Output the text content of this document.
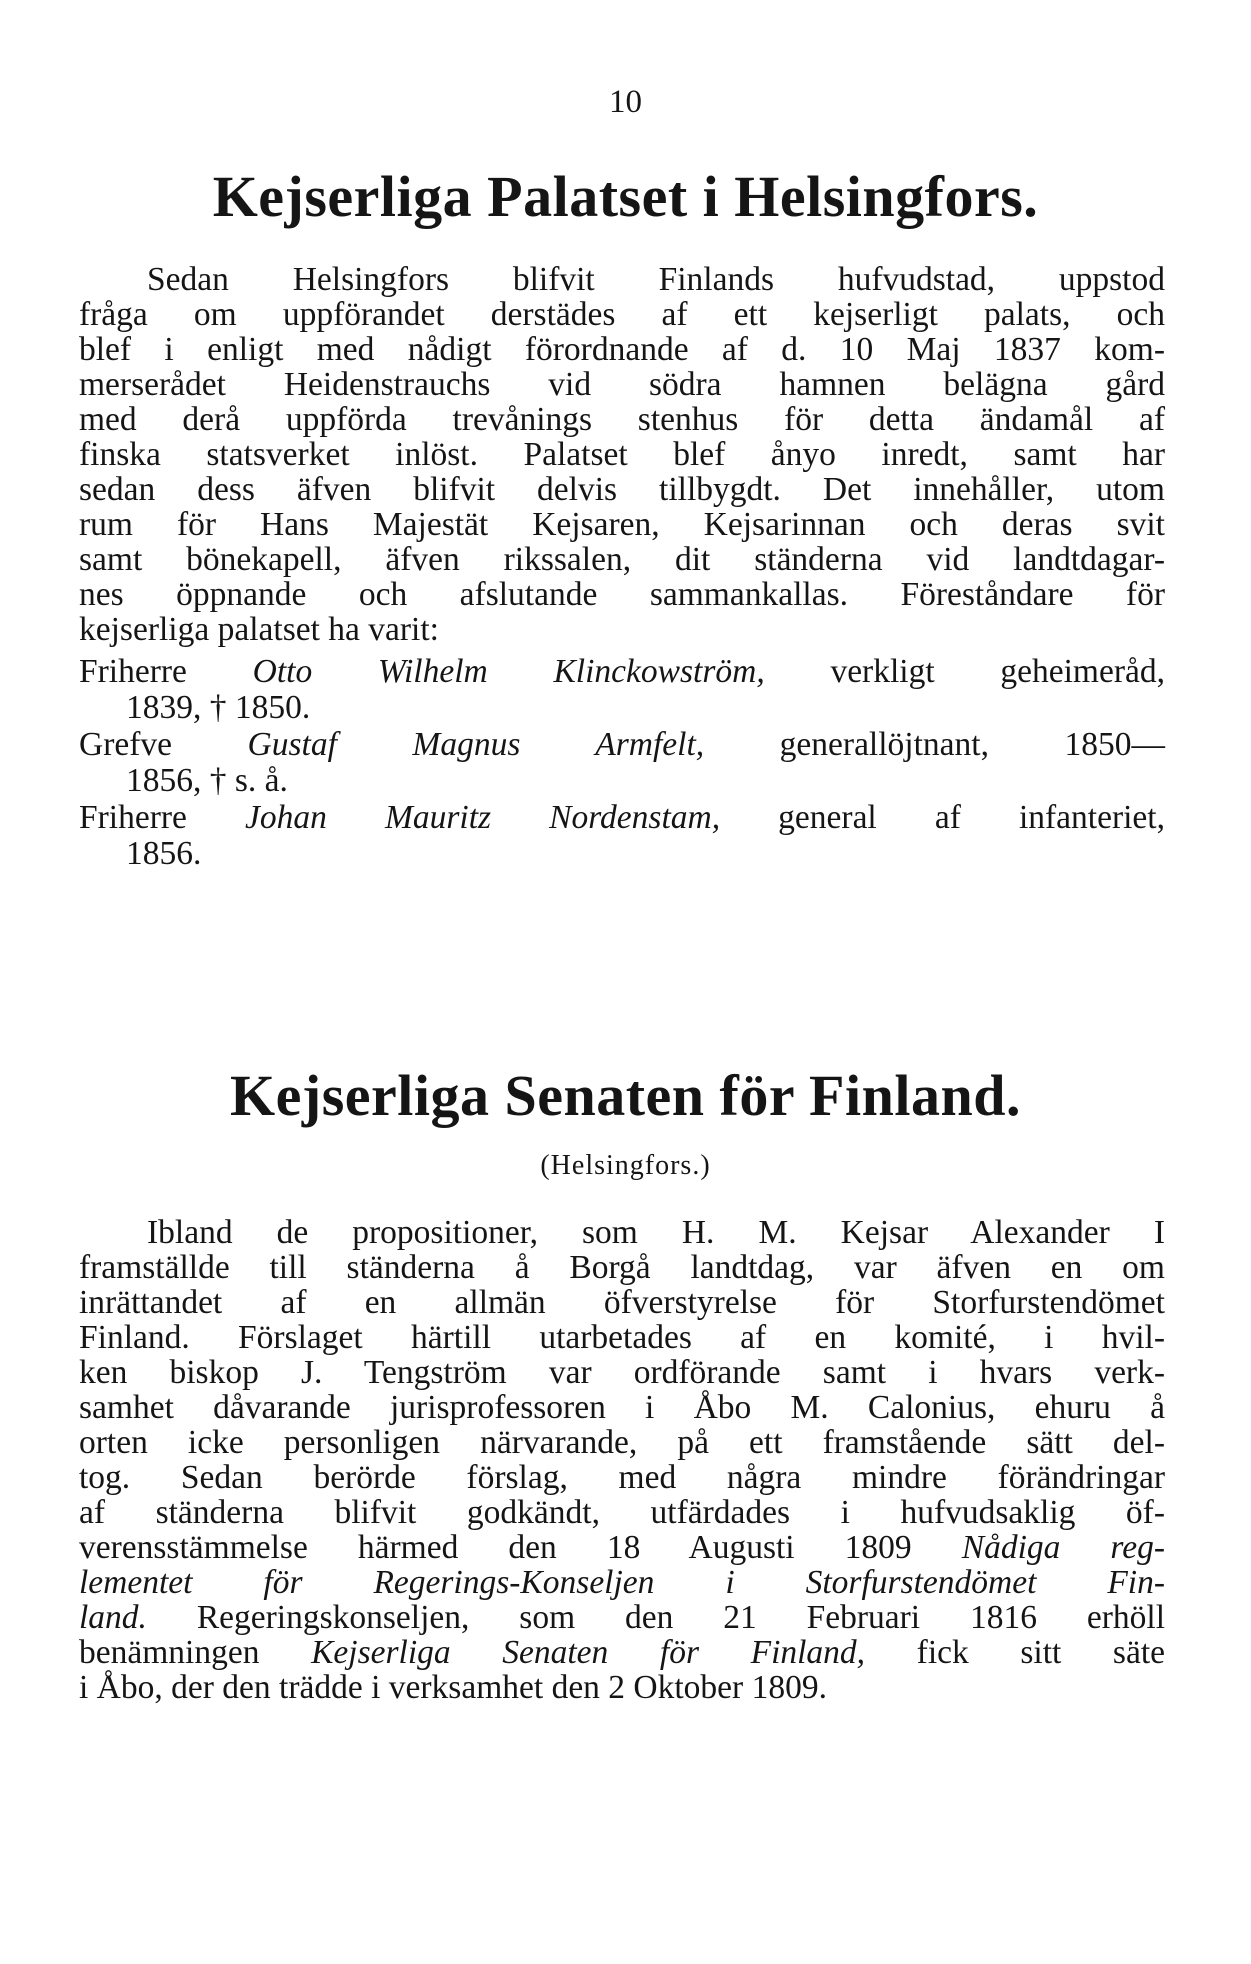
10
Kejserliga Palatset i Helsingfors.
Sedan Helsingfors blifvit Finlands hufvudstad, uppstod
fråga om uppförandet derstädes af ett kejserligt palats, och
blef i enligt med nådigt förordnande af d. 10 Maj 1837 kom-
merserådet Heidenstrauchs vid södra hamnen belägna gård
med derå uppförda trevånings stenhus för detta ändamål af
finska statsverket inlöst. Palatset blef ånyo inredt, samt har
sedan dess äfven blifvit delvis tillbygdt. Det innehåller, utom
rum för Hans Majestät Kejsaren, Kejsarinnan och deras svit
samt bönekapell, äfven rikssalen, dit ständerna vid landtdagar-
nes öppnande och afslutande sammankallas. Föreståndare för
kejserliga palatset ha varit:
Friherre Otto Wilhelm Klinckowström, verkligt geheimeråd,
1839, † 1850.
Grefve Gustaf Magnus Armfelt, generallöjtnant, 1850—
1856, † s. å.
Friherre Johan Mauritz Nordenstam, general af infanteriet,
1856.
Kejserliga Senaten för Finland.
(Helsingfors.)
Ibland de propositioner, som H. M. Kejsar Alexander I
framställde till ständerna å Borgå landtdag, var äfven en om
inrättandet af en allmän öfverstyrelse för Storfurstendömet
Finland. Förslaget härtill utarbetades af en komité, i hvil-
ken biskop J. Tengström var ordförande samt i hvars verk-
samhet dåvarande jurisprofessoren i Åbo M. Calonius, ehuru å
orten icke personligen närvarande, på ett framstående sätt del-
tog. Sedan berörde förslag, med några mindre förändringar
af ständerna blifvit godkändt, utfärdades i hufvudsaklig öf-
verensstämmelse härmed den 18 Augusti 1809 Nådiga reg-
lementet för Regerings-Konseljen i Storfurstendömet Fin-
land. Regeringskonseljen, som den 21 Februari 1816 erhöll
benämningen Kejserliga Senaten för Finland, fick sitt säte
i Åbo, der den trädde i verksamhet den 2 Oktober 1809.
